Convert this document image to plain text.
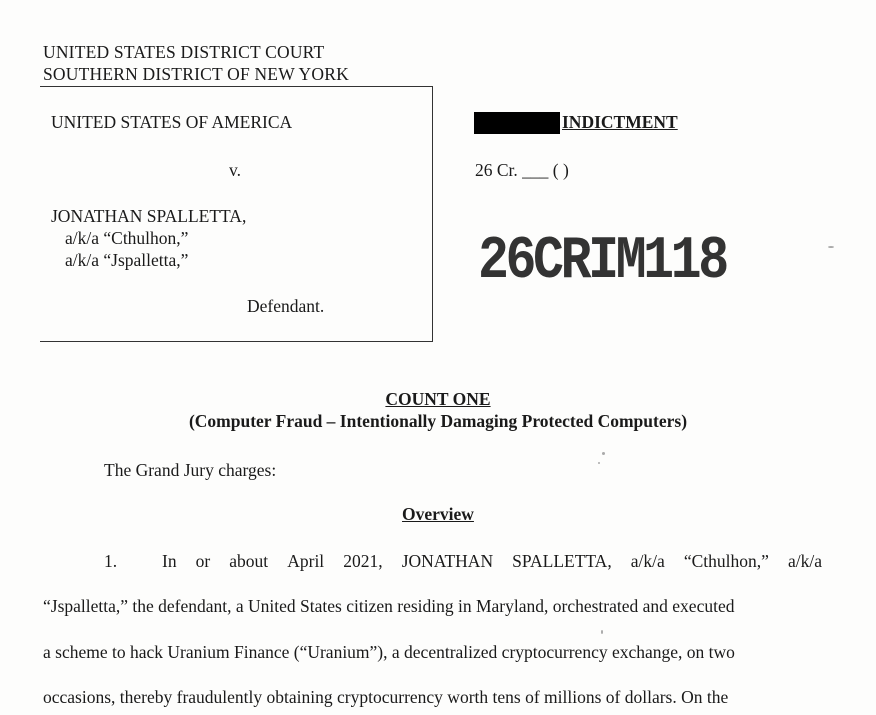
UNITED STATES DISTRICT COURT
SOUTHERN DISTRICT OF NEW YORK
UNITED STATES OF AMERICA
v.
JONATHAN SPALLETTA,
a/k/a “Cthulhon,”
a/k/a “Jspalletta,”
Defendant.
INDICTMENT
26 Cr. ___ ( )
26CRIM118
COUNT ONE
(Computer Fraud – Intentionally Damaging Protected Computers)
The Grand Jury charges:
Overview
1.	In or about April 2021, JONATHAN SPALLETTA, a/k/a “Cthulhon,” a/k/a
“Jspalletta,” the defendant, a United States citizen residing in Maryland, orchestrated and executed
a scheme to hack Uranium Finance (“Uranium”), a decentralized cryptocurrency exchange, on two
occasions, thereby fraudulently obtaining cryptocurrency worth tens of millions of dollars. On the
